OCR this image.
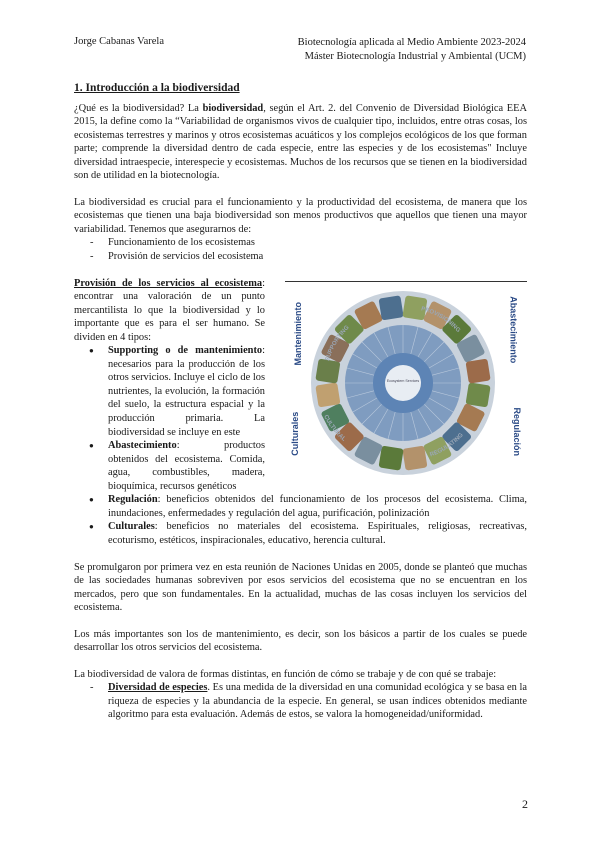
Jorge Cabanas Varela	Biotecnología aplicada al Medio Ambiente 2023-2024
Máster Biotecnología Industrial y Ambiental (UCM)
1. Introducción a la biodiversidad

¿Qué es la biodiversidad? La biodiversidad, según el Art. 2. del Convenio de Diversidad Biológica EEA 2015, la define como la “Variabilidad de organismos vivos de cualquier tipo, incluidos, entre otras cosas, los ecosistemas terrestres y marinos y otros ecosistemas acuáticos y los complejos ecológicos de los que forman parte; comprende la diversidad dentro de cada especie, entre las especies y de los ecosistemas" Incluye diversidad intraespecie, interespecie y ecosistemas. Muchos de los recursos que se tienen en la biodiversidad son de utilidad en la biotecnología.

La biodiversidad es crucial para el funcionamiento y la productividad del ecosistema, de manera que los ecosistemas que tienen una baja biodiversidad son menos productivos que aquellos que tienen una mayor variabilidad. Tenemos que asegurarnos de:

- Funcionamiento de los ecosistemas
- Provisión de servicios del ecosistema
Mantenimiento
Culturales
Abastecimiento
Regulación
Ecosystem Services
SUPPORTING
PROVISIONING
CULTURAL
REGULATING
Provisión de los servicios al ecosistema: encontrar una valoración de un punto mercantilista lo que la biodiversidad y lo importante que es para el ser humano. Se dividen en 4 tipos:
● Supporting o de mantenimiento: necesarios para la producción de los otros servicios. Incluye el ciclo de los nutrientes, la evolución, la formación del suelo, la estructura espacial y la producción primaria. La biodiversidad se incluye en este
● Abastecimiento: productos obtenidos del ecosistema. Comida, agua, combustibles, madera, bioquímica, recursos genéticos
● Regulación: beneficios obtenidos del funcionamiento de los procesos del ecosistema. Clima, inundaciones, enfermedades y regulación del agua, purificación, polinización
● Culturales: beneficios no materiales del ecosistema. Espirituales, religiosas, recreativas, ecoturismo, estéticos, inspiracionales, educativo, herencia cultural.

Se promulgaron por primera vez en esta reunión de Naciones Unidas en 2005, donde se planteó que muchas de las sociedades humanas sobreviven por esos servicios del ecosistema que no se encuentran en los mercados, pero que son fundamentales. En la actualidad, muchas de las cosas incluyen los servicios del ecosistema.

Los más importantes son los de mantenimiento, es decir, son los básicos a partir de los cuales se puede desarrollar los otros servicios del ecosistema.

La biodiversidad de valora de formas distintas, en función de cómo se trabaje y de con qué se trabaje:

- Diversidad de especies. Es una medida de la diversidad en una comunidad ecológica y se basa en la riqueza de especies y la abundancia de la especie. En general, se usan índices obtenidos mediante algoritmo para esta evaluación. Además de estos, se valora la homogeneidad/uniformidad.
2
